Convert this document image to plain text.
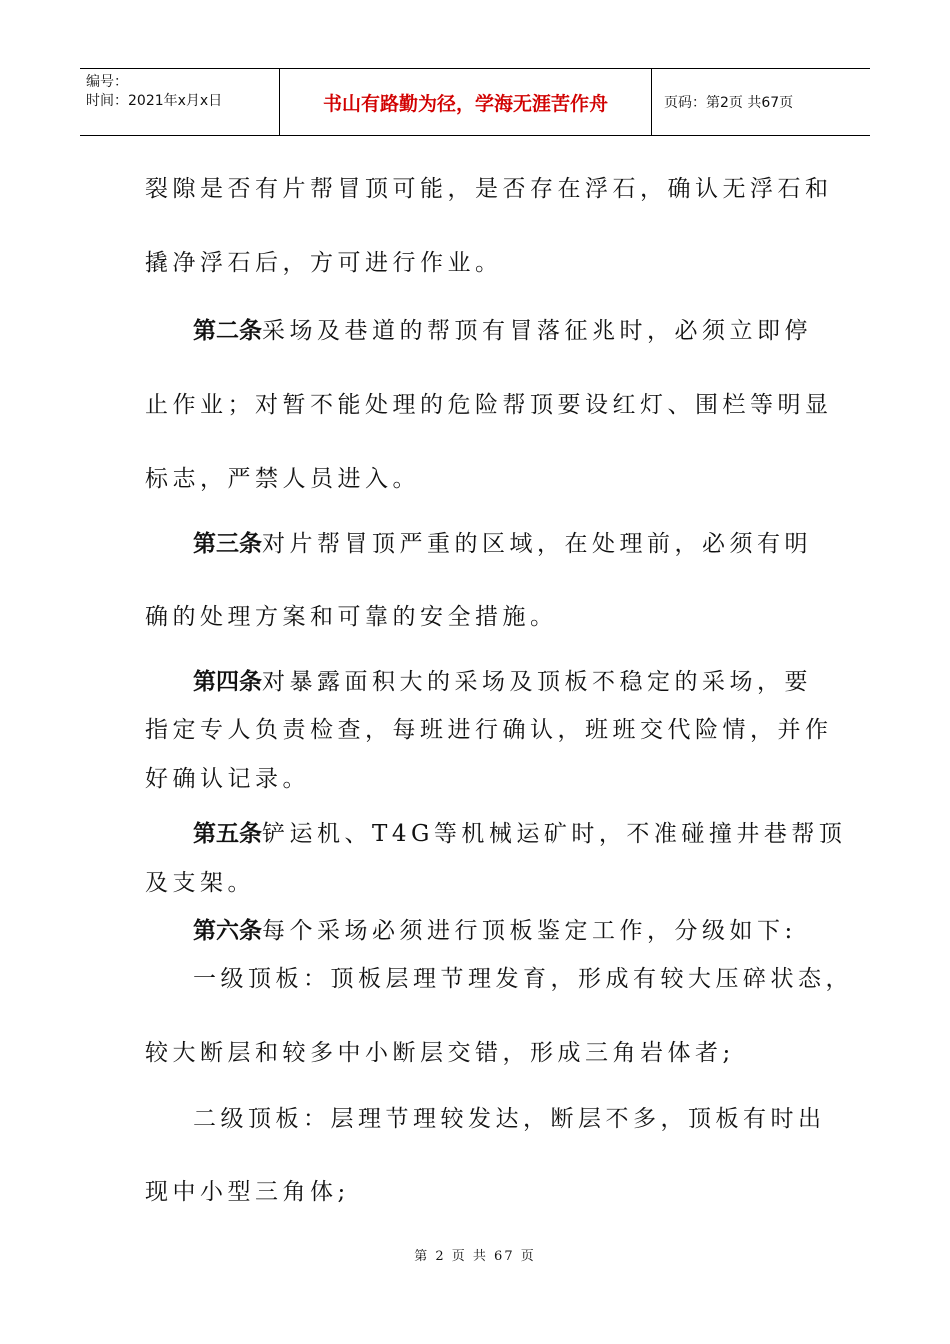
编号：
时间：2021年x月x日	书山有路勤为径，学海无涯苦作舟	页码：第2页 共67页
裂隙是否有片帮冒顶可能，是否存在浮石，确认无浮石和
撬净浮石后，方可进行作业。
第二条采场及巷道的帮顶有冒落征兆时，必须立即停
止作业；对暂不能处理的危险帮顶要设红灯、围栏等明显
标志，严禁人员进入。
第三条对片帮冒顶严重的区域，在处理前，必须有明
确的处理方案和可靠的安全措施。
第四条对暴露面积大的采场及顶板不稳定的采场，要
指定专人负责检查，每班进行确认，班班交代险情，并作
好确认记录。
第五条铲运机、T4G等机械运矿时，不准碰撞井巷帮顶
及支架。
第六条每个采场必须进行顶板鉴定工作，分级如下:
一级顶板：顶板层理节理发育，形成有较大压碎状态，
较大断层和较多中小断层交错，形成三角岩体者;
二级顶板：层理节理较发达，断层不多，顶板有时出
现中小型三角体;
第 2 页 共 67 页
